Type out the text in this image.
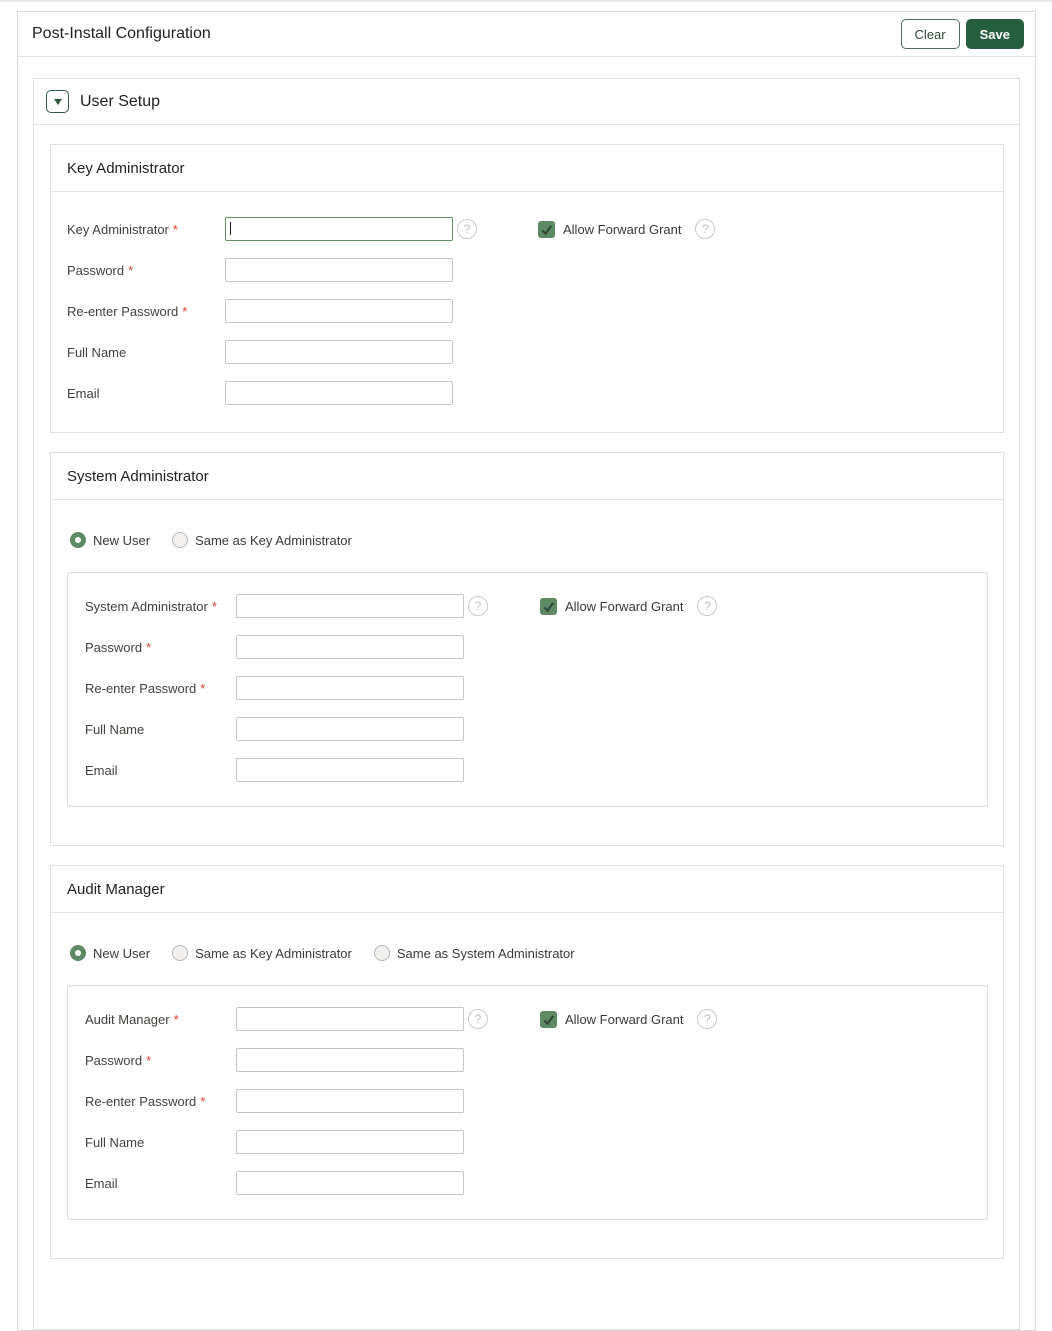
Post-Install Configuration	Clear	Save
User Setup
Key Administrator
Key Administrator *	?	Allow Forward Grant ?
Password *
Re-enter Password *
Full Name
Email
System Administrator
New User	Same as Key Administrator
System Administrator *	?	Allow Forward Grant ?
Password *
Re-enter Password *
Full Name
Email
Audit Manager
New User	Same as Key Administrator	Same as System Administrator
Audit Manager *	?	Allow Forward Grant ?
Password *
Re-enter Password *
Full Name
Email
